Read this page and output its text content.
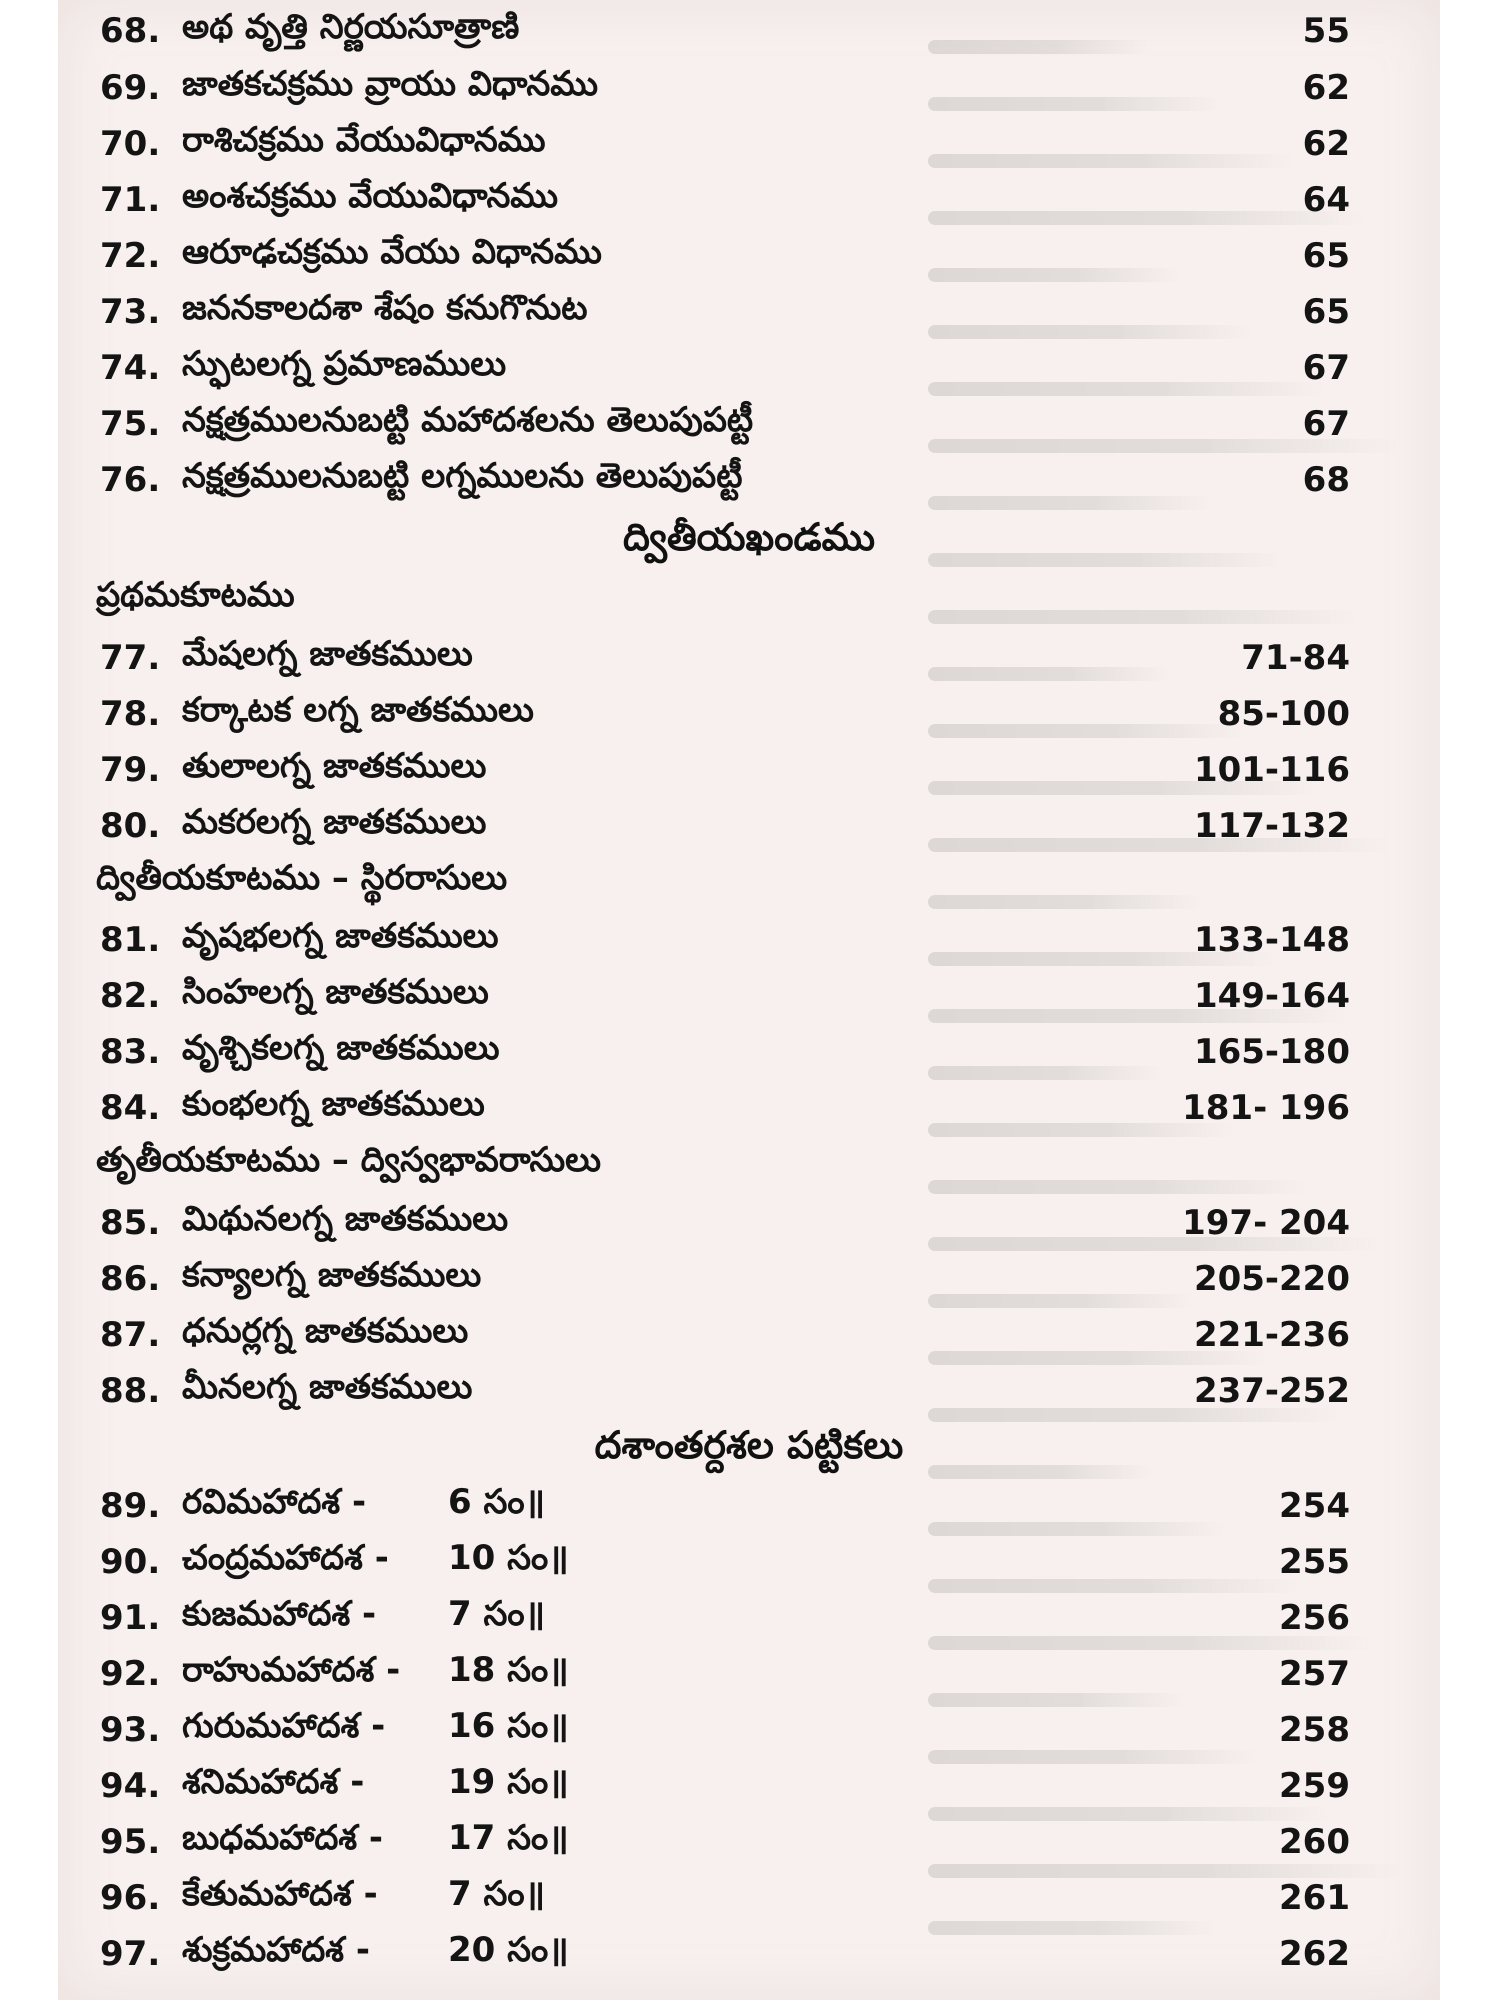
68. అథ వృత్తి నిర్ణయసూత్రాణి	55
69. జాతకచక్రము వ్రాయు విధానము	62
70. రాశిచక్రము వేయువిధానము	62
71. అంశచక్రము వేయువిధానము	64
72. ఆరూఢచక్రము వేయు విధానము	65
73. జననకాలదశా శేషం కనుగొనుట	65
74. స్ఫుటలగ్న ప్రమాణములు	67
75. నక్షత్రములనుబట్టి మహాదశలను తెలుపుపట్టీ	67
76. నక్షత్రములనుబట్టి లగ్నములను తెలుపుపట్టీ	68
ద్వితీయఖండము
ప్రథమకూటము
77. మేషలగ్న జాతకములు	71-84
78. కర్కాటక లగ్న జాతకములు	85-100
79. తులాలగ్న జాతకములు	101-116
80. మకరలగ్న జాతకములు	117-132
ద్వితీయకూటము – స్థిరరాసులు
81. వృషభలగ్న జాతకములు	133-148
82. సింహలగ్న జాతకములు	149-164
83. వృశ్చికలగ్న జాతకములు	165-180
84. కుంభలగ్న జాతకములు	181- 196
తృతీయకూటము – ద్విస్వభావరాసులు
85. మిథునలగ్న జాతకములు	197- 204
86. కన్యాలగ్న జాతకములు	205-220
87. ధనుర్లగ్న జాతకములు	221-236
88. మీనలగ్న జాతకములు	237-252
దశాంతర్దశల పట్టికలు
89. రవిమహాదశ - 6 సం॥	254
90. చంద్రమహాదశ - 10 సం॥	255
91. కుజమహాదశ - 7 సం॥	256
92. రాహుమహాదశ - 18 సం॥	257
93. గురుమహాదశ - 16 సం॥	258
94. శనిమహాదశ - 19 సం॥	259
95. బుధమహాదశ - 17 సం॥	260
96. కేతుమహాదశ - 7 సం॥	261
97. శుక్రమహాదశ - 20 సం॥	262
